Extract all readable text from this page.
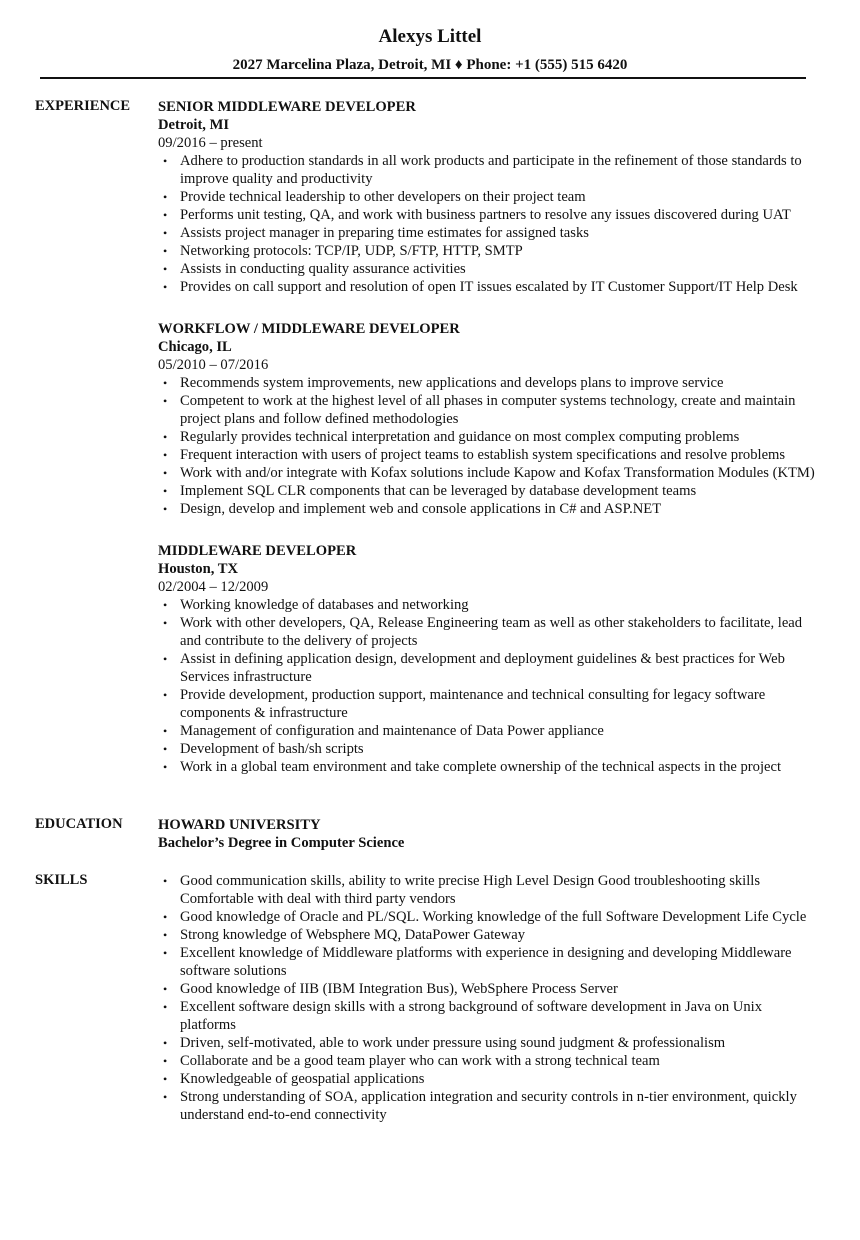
Alexys Littel
2027 Marcelina Plaza, Detroit, MI ♦ Phone: +1 (555) 515 6420
EXPERIENCE SENIOR MIDDLEWARE DEVELOPER
Detroit, MI
09/2016 – present
• Adhere to production standards in all work products and participate in the refinement of those standards to improve quality and productivity
• Provide technical leadership to other developers on their project team
• Performs unit testing, QA, and work with business partners to resolve any issues discovered during UAT
• Assists project manager in preparing time estimates for assigned tasks
• Networking protocols: TCP/IP, UDP, S/FTP, HTTP, SMTP
• Assists in conducting quality assurance activities
• Provides on call support and resolution of open IT issues escalated by IT Customer Support/IT Help Desk
WORKFLOW / MIDDLEWARE DEVELOPER
Chicago, IL
05/2010 – 07/2016
• Recommends system improvements, new applications and develops plans to improve service
• Competent to work at the highest level of all phases in computer systems technology, create and maintain project plans and follow defined methodologies
• Regularly provides technical interpretation and guidance on most complex computing problems
• Frequent interaction with users of project teams to establish system specifications and resolve problems
• Work with and/or integrate with Kofax solutions include Kapow and Kofax Transformation Modules (KTM)
• Implement SQL CLR components that can be leveraged by database development teams
• Design, develop and implement web and console applications in C# and ASP.NET
MIDDLEWARE DEVELOPER
Houston, TX
02/2004 – 12/2009
• Working knowledge of databases and networking
• Work with other developers, QA, Release Engineering team as well as other stakeholders to facilitate, lead and contribute to the delivery of projects
• Assist in defining application design, development and deployment guidelines & best practices for Web Services infrastructure
• Provide development, production support, maintenance and technical consulting for legacy software components & infrastructure
• Management of configuration and maintenance of Data Power appliance
• Development of bash/sh scripts
• Work in a global team environment and take complete ownership of the technical aspects in the project
EDUCATION HOWARD UNIVERSITY
Bachelor’s Degree in Computer Science
SKILLS	• Good communication skills, ability to write precise High Level Design Good troubleshooting skills Comfortable with deal with third party vendors
• Good knowledge of Oracle and PL/SQL. Working knowledge of the full Software Development Life Cycle
• Strong knowledge of Websphere MQ, DataPower Gateway
• Excellent knowledge of Middleware platforms with experience in designing and developing Middleware software solutions
• Good knowledge of IIB (IBM Integration Bus), WebSphere Process Server
• Excellent software design skills with a strong background of software development in Java on Unix platforms
• Driven, self-motivated, able to work under pressure using sound judgment & professionalism
• Collaborate and be a good team player who can work with a strong technical team
• Knowledgeable of geospatial applications
• Strong understanding of SOA, application integration and security controls in n-tier environment, quickly understand end-to-end connectivity
